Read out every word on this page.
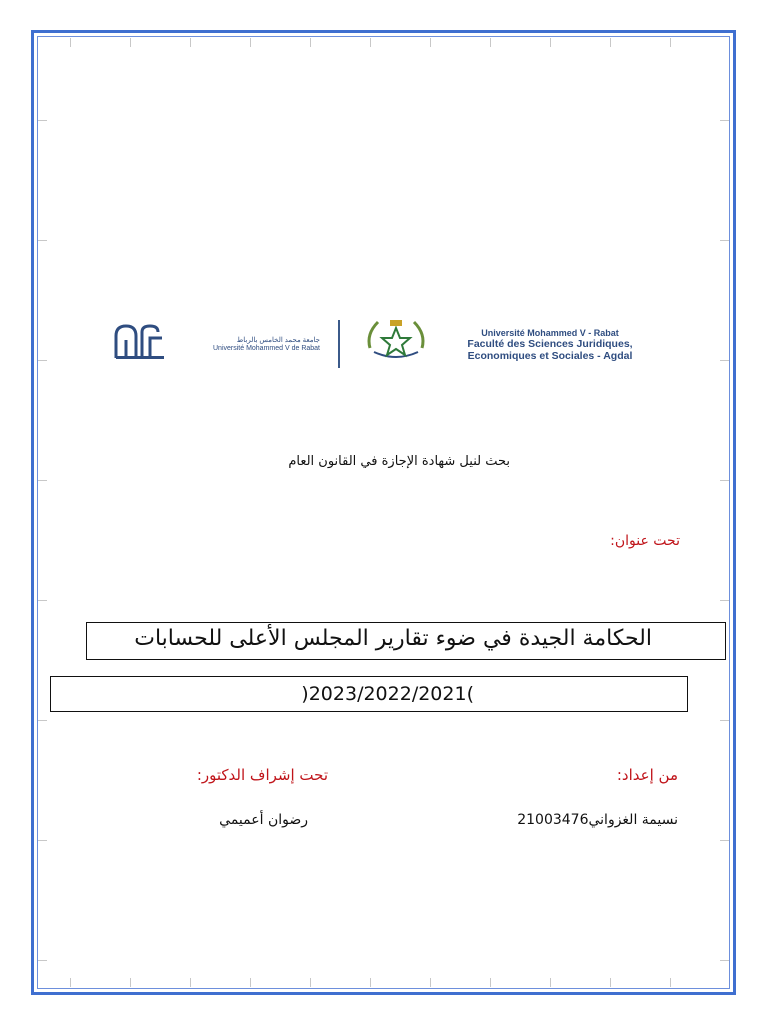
جامعة محمد الخامس بالرباط
Université Mohammed V de Rabat
Université Mohammed V - Rabat
Faculté des Sciences Juridiques,
Economiques et Sociales - Agdal
بحث لنيل شهادة الإجازة في القانون العام
تحت عنوان:
الحكامة الجيدة في ضوء تقارير المجلس الأعلى للحسابات
)2023/2022/2021(
من إعداد:
تحت إشراف الدكتور:
نسيمة الغزواني21003476
رضوان أعميمي
